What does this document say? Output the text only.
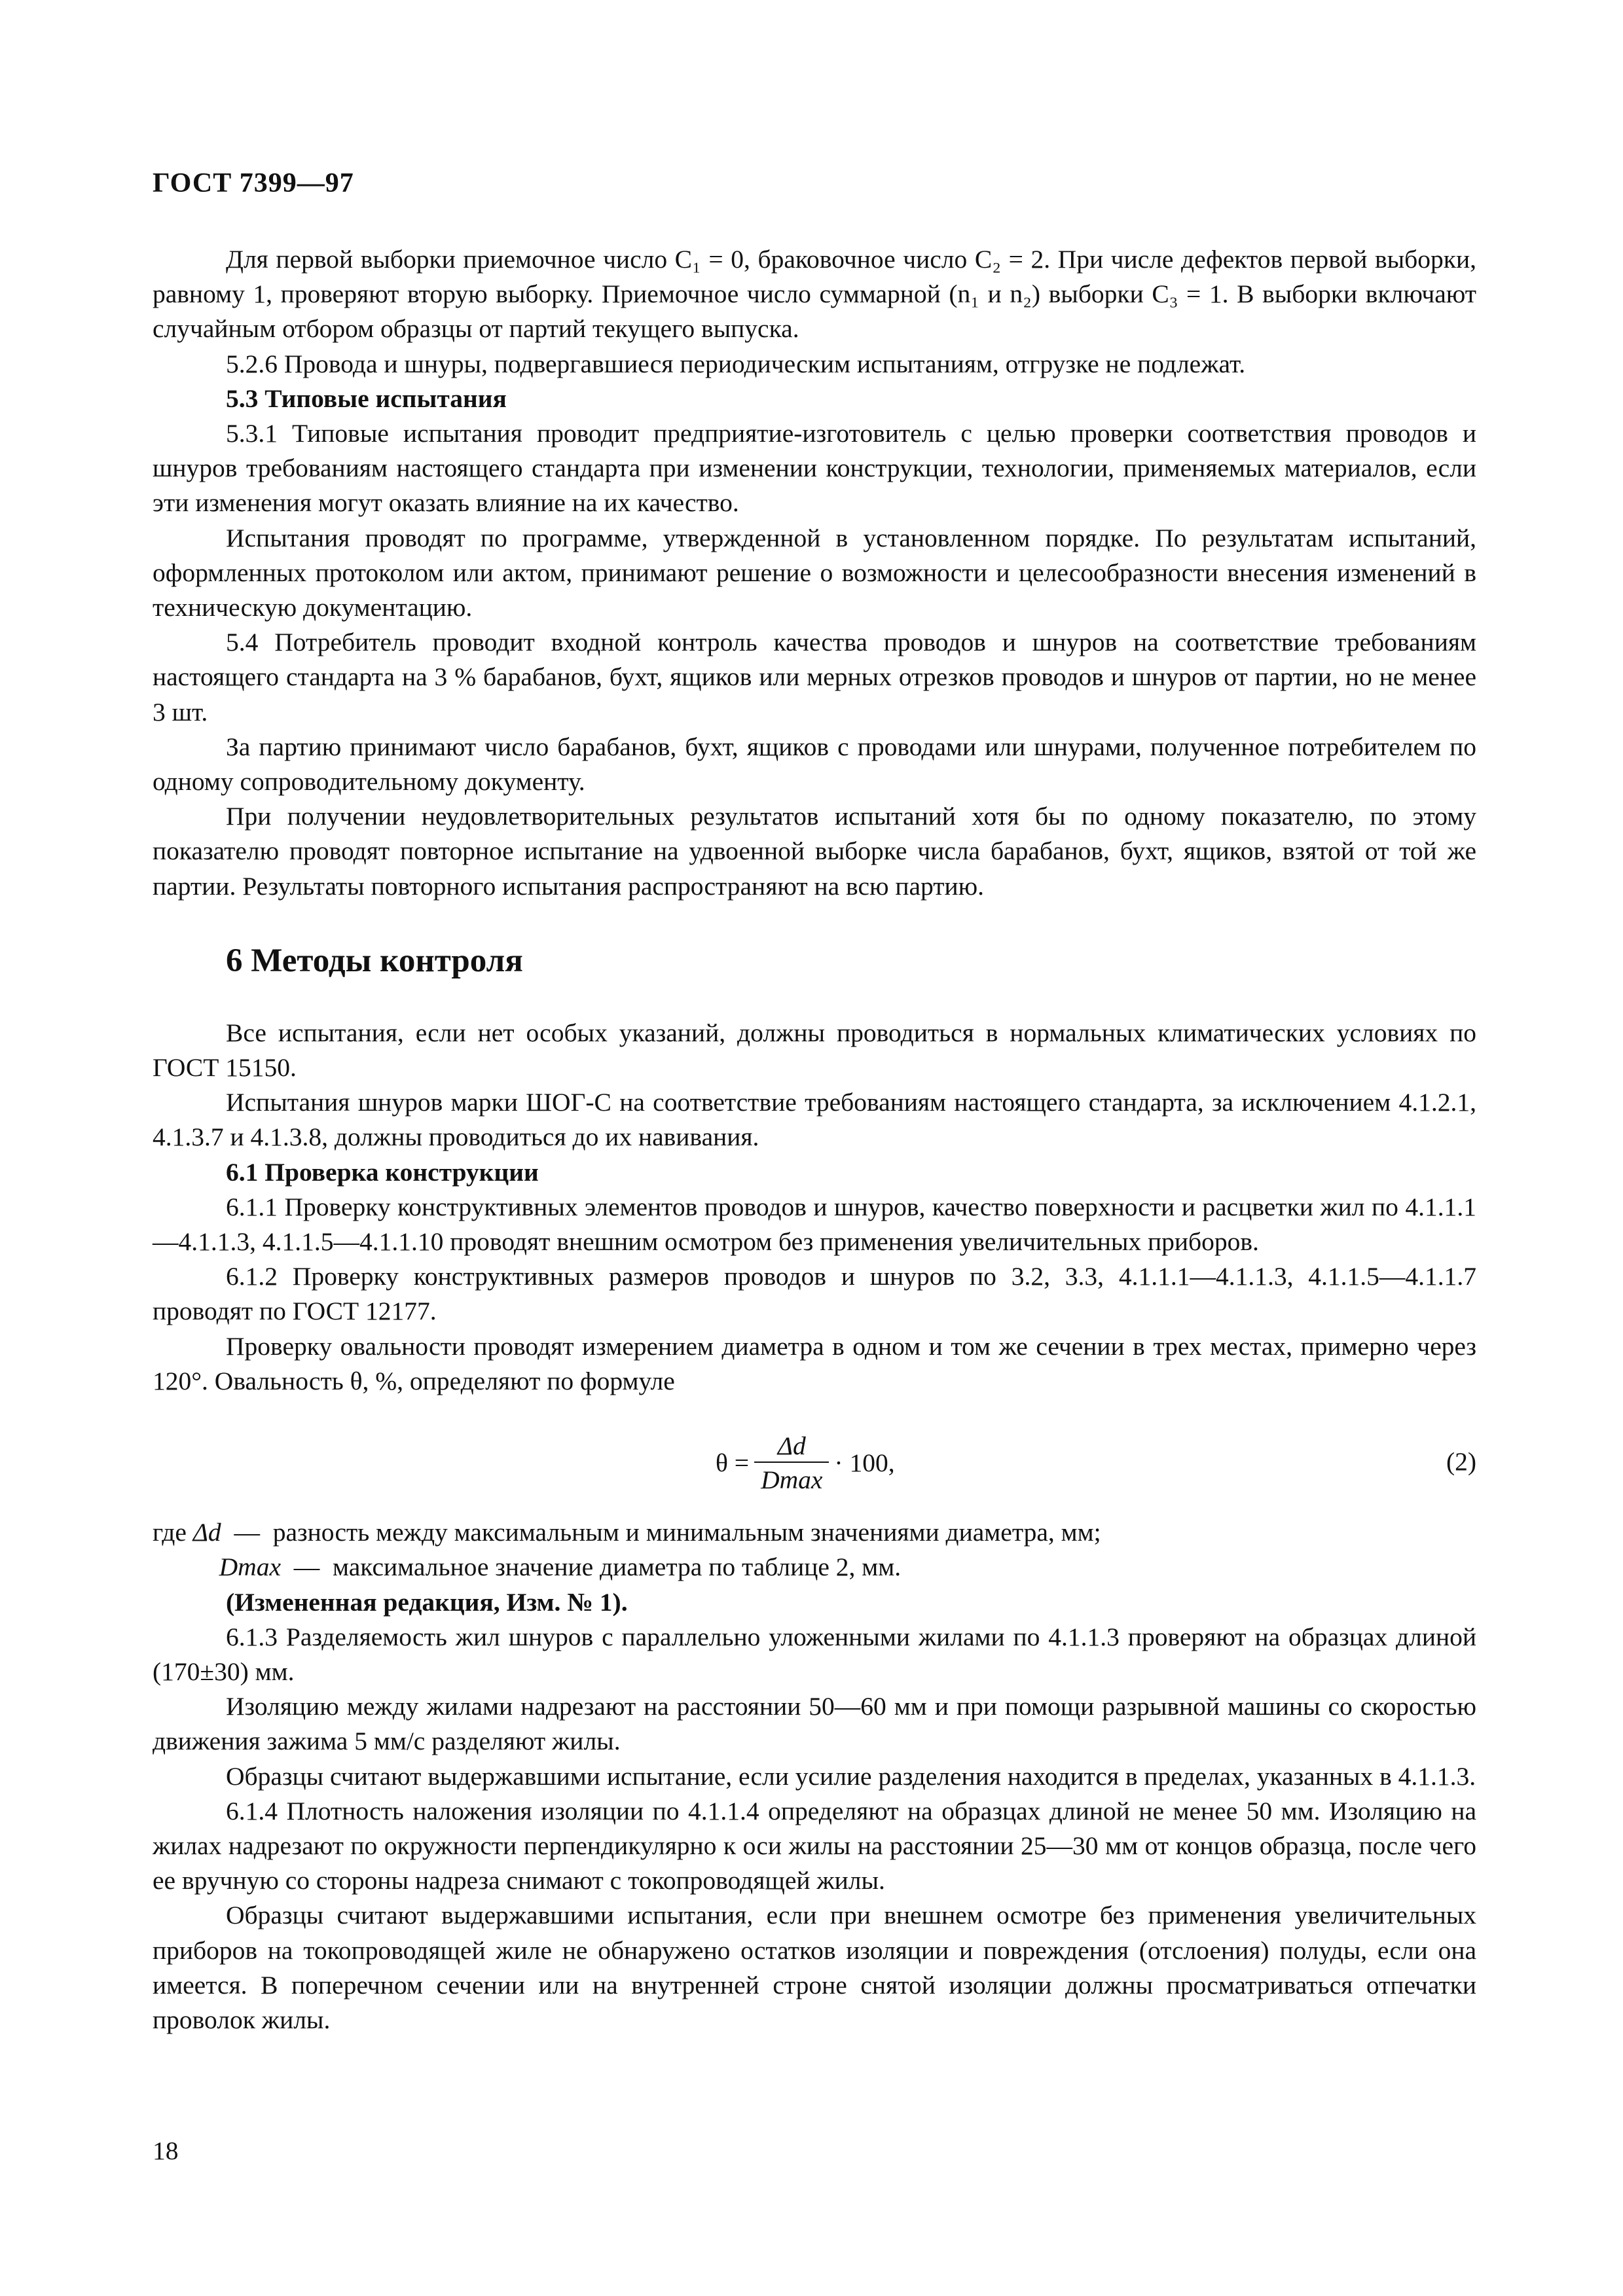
ГОСТ 7399—97

Для первой выборки приемочное число C₁ = 0, браковочное число C₂ = 2. При числе дефектов первой выборки, равному 1, проверяют вторую выборку. Приемочное число суммарной (n₁ и n₂) выборки C₃ = 1. В выборки включают случайным отбором образцы от партий текущего выпуска.

5.2.6 Провода и шнуры, подвергавшиеся периодическим испытаниям, отгрузке не подлежат.

5.3 Типовые испытания

5.3.1 Типовые испытания проводит предприятие-изготовитель с целью проверки соответствия проводов и шнуров требованиям настоящего стандарта при изменении конструкции, технологии, применяемых материалов, если эти изменения могут оказать влияние на их качество.

Испытания проводят по программе, утвержденной в установленном порядке. По результатам испытаний, оформленных протоколом или актом, принимают решение о возможности и целесообразности внесения изменений в техническую документацию.

5.4 Потребитель проводит входной контроль качества проводов и шнуров на соответствие требованиям настоящего стандарта на 3 % барабанов, бухт, ящиков или мерных отрезков проводов и шнуров от партии, но не менее 3 шт.

За партию принимают число барабанов, бухт, ящиков с проводами или шнурами, полученное потребителем по одному сопроводительному документу.

При получении неудовлетворительных результатов испытаний хотя бы по одному показателю, по этому показателю проводят повторное испытание на удвоенной выборке числа барабанов, бухт, ящиков, взятой от той же партии. Результаты повторного испытания распространяют на всю партию.

6 Методы контроля

Все испытания, если нет особых указаний, должны проводиться в нормальных климатических условиях по ГОСТ 15150.

Испытания шнуров марки ШОГ-С на соответствие требованиям настоящего стандарта, за исключением 4.1.2.1, 4.1.3.7 и 4.1.3.8, должны проводиться до их навивания.

6.1 Проверка конструкции

6.1.1 Проверку конструктивных элементов проводов и шнуров, качество поверхности и расцветки жил по 4.1.1.1—4.1.1.3, 4.1.1.5—4.1.1.10 проводят внешним осмотром без применения увеличительных приборов.

6.1.2 Проверку конструктивных размеров проводов и шнуров по 3.2, 3.3, 4.1.1.1—4.1.1.3, 4.1.1.5—4.1.1.7 проводят по ГОСТ 12177.

Проверку овальности проводят измерением диаметра в одном и том же сечении в трех местах, примерно через 120°. Овальность θ, %, определяют по формуле

$\theta = \frac{\Delta d}{Dmax} \cdot 100$,	(2)
где
Δd
—
разность между максимальным и минимальным значениями диаметра, мм;
Dmax
—
максимальное значение диаметра по таблице 2, мм.

(Измененная редакция, Изм. № 1).

6.1.3 Разделяемость жил шнуров с параллельно уложенными жилами по 4.1.1.3 проверяют на образцах длиной (170±30) мм.

Изоляцию между жилами надрезают на расстоянии 50—60 мм и при помощи разрывной машины со скоростью движения зажима 5 мм/с разделяют жилы.

Образцы считают выдержавшими испытание, если усилие разделения находится в пределах, указанных в 4.1.1.3.

6.1.4 Плотность наложения изоляции по 4.1.1.4 определяют на образцах длиной не менее 50 мм. Изоляцию на жилах надрезают по окружности перпендикулярно к оси жилы на расстоянии 25—30 мм от концов образца, после чего ее вручную со стороны надреза снимают с токопроводящей жилы.

Образцы считают выдержавшими испытания, если при внешнем осмотре без применения увеличительных приборов на токопроводящей жиле не обнаружено остатков изоляции и повреждения (отслоения) полуды, если она имеется. В поперечном сечении или на внутренней строне снятой изоляции должны просматриваться отпечатки проволок жилы.

18
